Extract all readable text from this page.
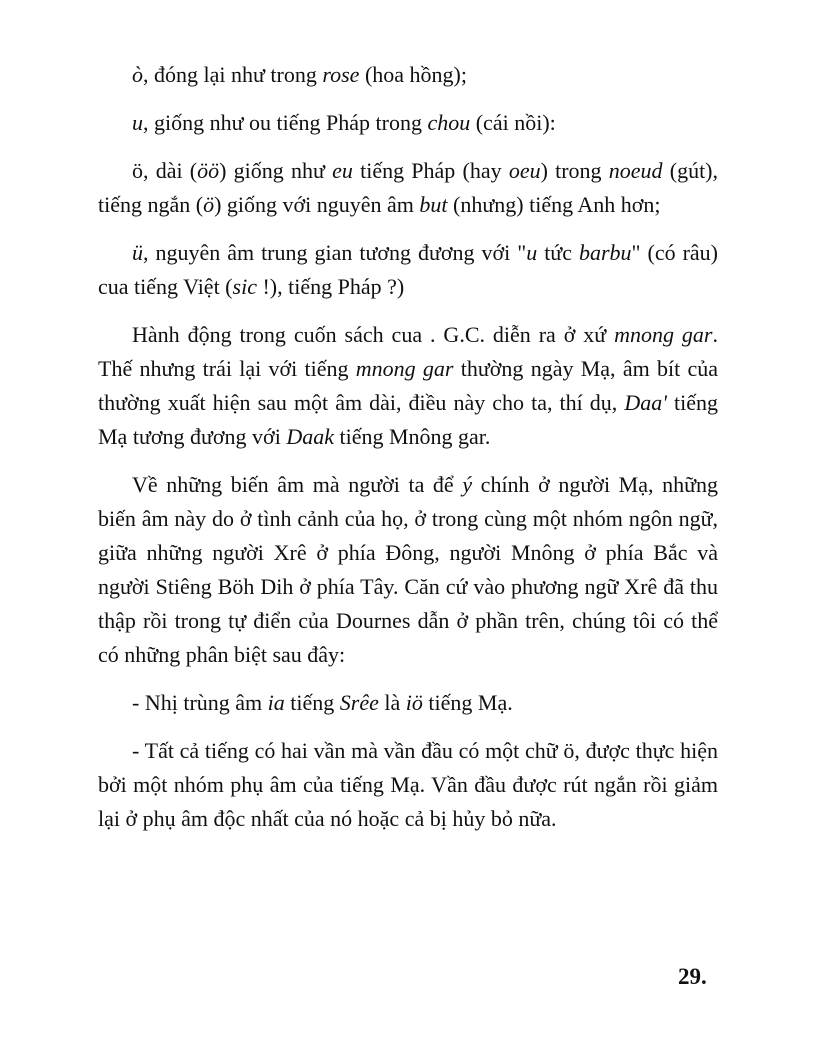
ò, đóng lại như trong rose (hoa hồng);

u, giống như ou tiếng Pháp trong chou (cái nồi):

ö, dài (öö) giống như eu tiếng Pháp (hay oeu) trong noeud (gút), tiếng ngắn (ö) giống với nguyên âm but (nhưng) tiếng Anh hơn;

ü, nguyên âm trung gian tương đương với "u tức barbu" (có râu) cua tiếng Việt (sic !), tiếng Pháp ?)

Hành động trong cuốn sách cua . G.C. diễn ra ở xứ mnong gar. Thế nhưng trái lại với tiếng mnong gar thường ngày Mạ, âm bít của thường xuất hiện sau một âm dài, điều này cho ta, thí dụ, Daa' tiếng Mạ tương đương với Daak tiếng Mnông gar.

Về những biến âm mà người ta để ý chính ở người Mạ, những biến âm này do ở tình cảnh của họ, ở trong cùng một nhóm ngôn ngữ, giữa những người Xrê ở phía Đông, người Mnông ở phía Bắc và người Stiêng Böh Dih ở phía Tây. Căn cứ vào phương ngữ Xrê đã thu thập rồi trong tự điển của Dournes dẫn ở phần trên, chúng tôi có thể có những phân biệt sau đây:

- Nhị trùng âm ia tiếng Srêe là iö tiếng Mạ.

- Tất cả tiếng có hai vần mà vần đầu có một chữ ö, được thực hiện bởi một nhóm phụ âm của tiếng Mạ. Vần đầu được rút ngắn rồi giảm lại ở phụ âm độc nhất của nó hoặc cả bị hủy bỏ nữa.

29.
